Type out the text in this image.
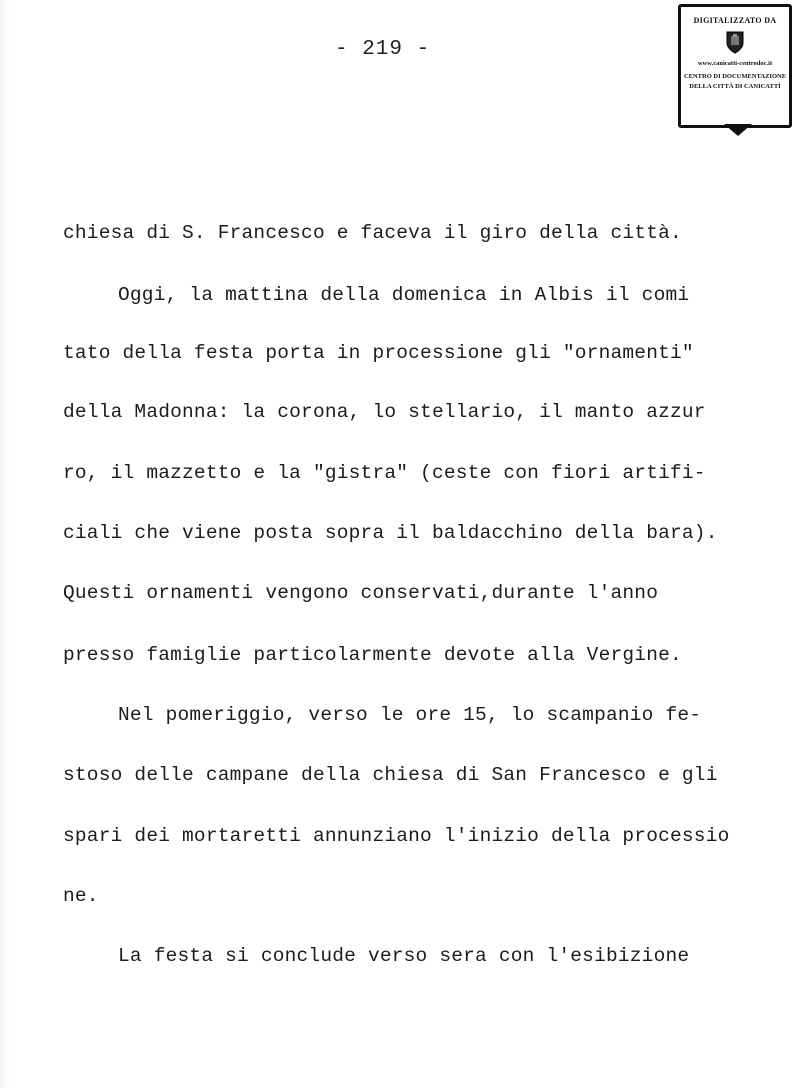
- 219 -
DIGITALIZZATO DA
www.canicatti-centrodoc.it
CENTRO DI DOCUMENTAZIONE
DELLA CITTÀ DI CANICATTÌ
chiesa di S. Francesco e faceva il giro della città.
Oggi, la mattina della domenica in Albis il comi
tato della festa porta in processione gli "ornamenti"
della Madonna: la corona, lo stellario, il manto azzur
ro, il mazzetto e la "gistra" (ceste con fiori artifi-
ciali che viene posta sopra il baldacchino della bara).
Questi ornamenti vengono conservati,durante l'anno
presso famiglie particolarmente devote alla Vergine.
Nel pomeriggio, verso le ore 15, lo scampanio fe-
stoso delle campane della chiesa di San Francesco e gli
spari dei mortaretti annunziano l'inizio della processio
ne.
La festa si conclude verso sera con l'esibizione
